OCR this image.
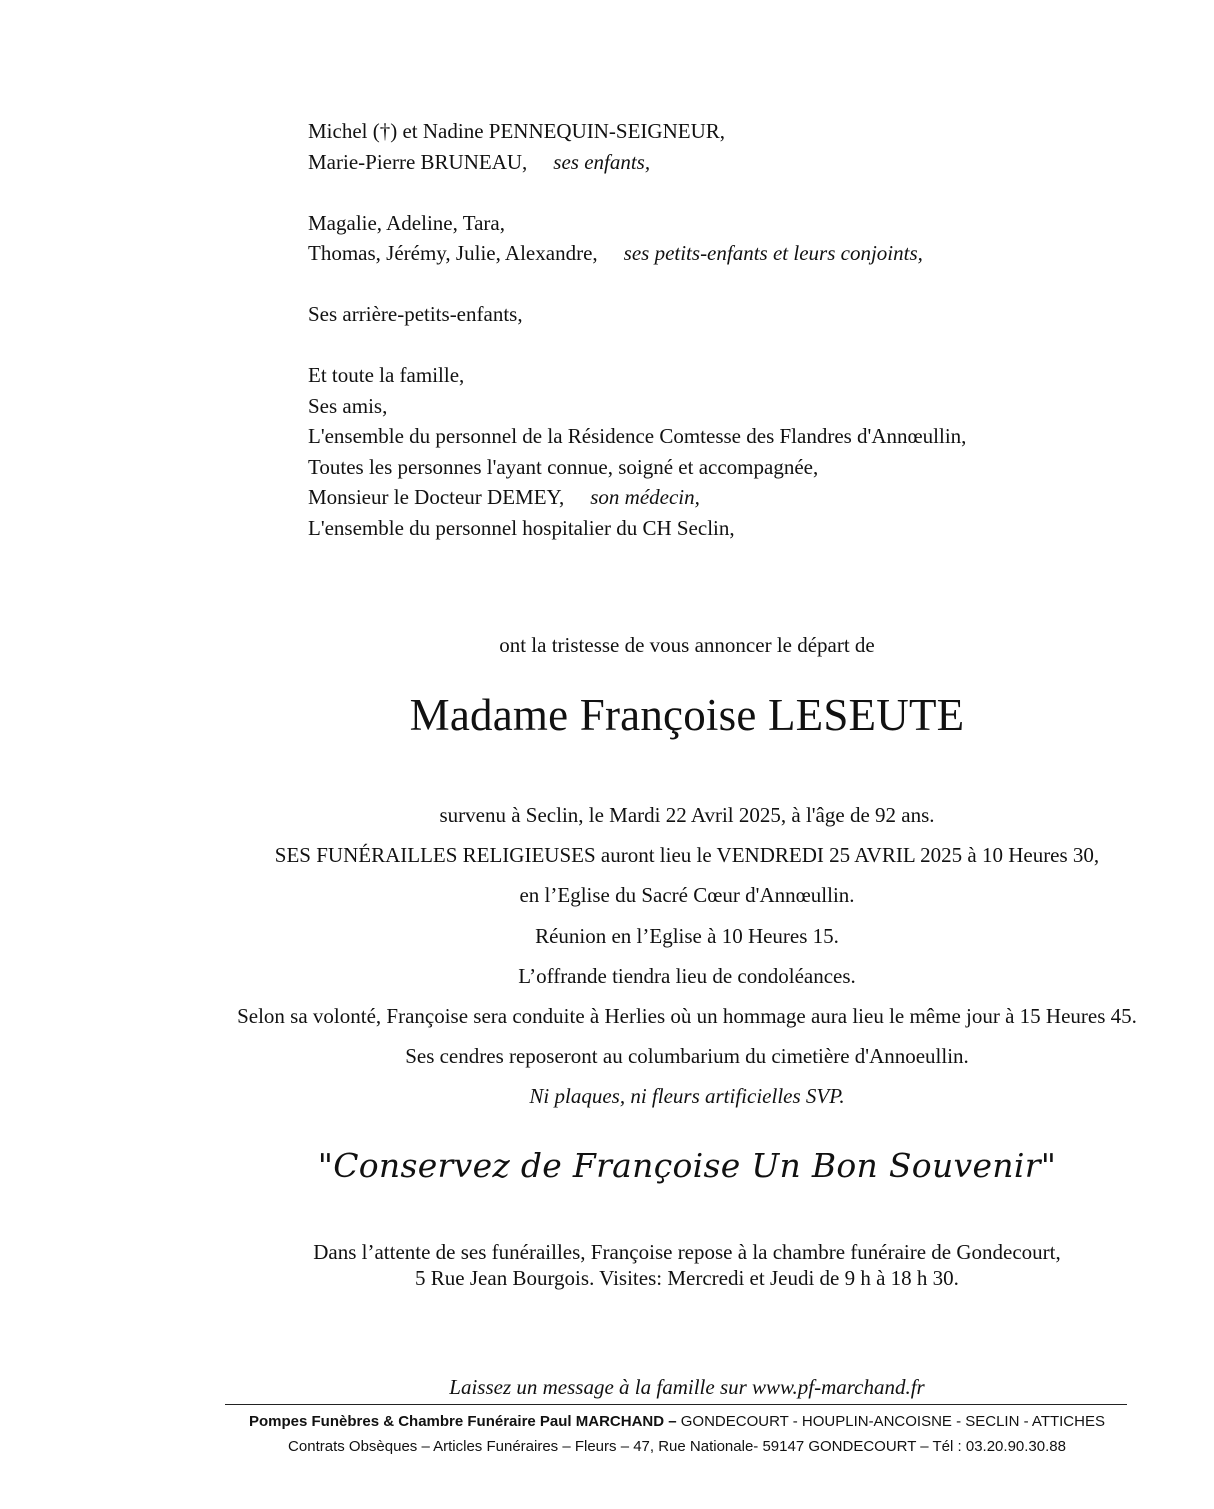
Michel (†) et Nadine PENNEQUIN-SEIGNEUR,
Marie-Pierre BRUNEAU, ses enfants,
Magalie, Adeline, Tara,
Thomas, Jérémy, Julie, Alexandre, ses petits-enfants et leurs conjoints,
Ses arrière-petits-enfants,
Et toute la famille,
Ses amis,
L'ensemble du personnel de la Résidence Comtesse des Flandres d'Annœullin,
Toutes les personnes l'ayant connue, soigné et accompagnée,
Monsieur le Docteur DEMEY, son médecin,
L'ensemble du personnel hospitalier du CH Seclin,
ont la tristesse de vous annoncer le départ de
Madame Françoise LESEUTE
survenu à Seclin, le Mardi 22 Avril 2025, à l'âge de 92 ans.
SES FUNÉRAILLES RELIGIEUSES auront lieu le VENDREDI 25 AVRIL 2025 à 10 Heures 30,
en l’Eglise du Sacré Cœur d'Annœullin.
Réunion en l’Eglise à 10 Heures 15.
L’offrande tiendra lieu de condoléances.
Selon sa volonté, Françoise sera conduite à Herlies où un hommage aura lieu le même jour à 15 Heures 45.
Ses cendres reposeront au columbarium du cimetière d'Annoeullin.
Ni plaques, ni fleurs artificielles SVP.
"Conservez de Françoise Un Bon Souvenir"
Dans l’attente de ses funérailles, Françoise repose à la chambre funéraire de Gondecourt,
5 Rue Jean Bourgois. Visites: Mercredi et Jeudi de 9 h à 18 h 30.
Laissez un message à la famille sur www.pf-marchand.fr
Pompes Funèbres & Chambre Funéraire Paul MARCHAND – GONDECOURT - HOUPLIN-ANCOISNE - SECLIN - ATTICHES
Contrats Obsèques – Articles Funéraires – Fleurs – 47, Rue Nationale- 59147 GONDECOURT – Tél : 03.20.90.30.88
